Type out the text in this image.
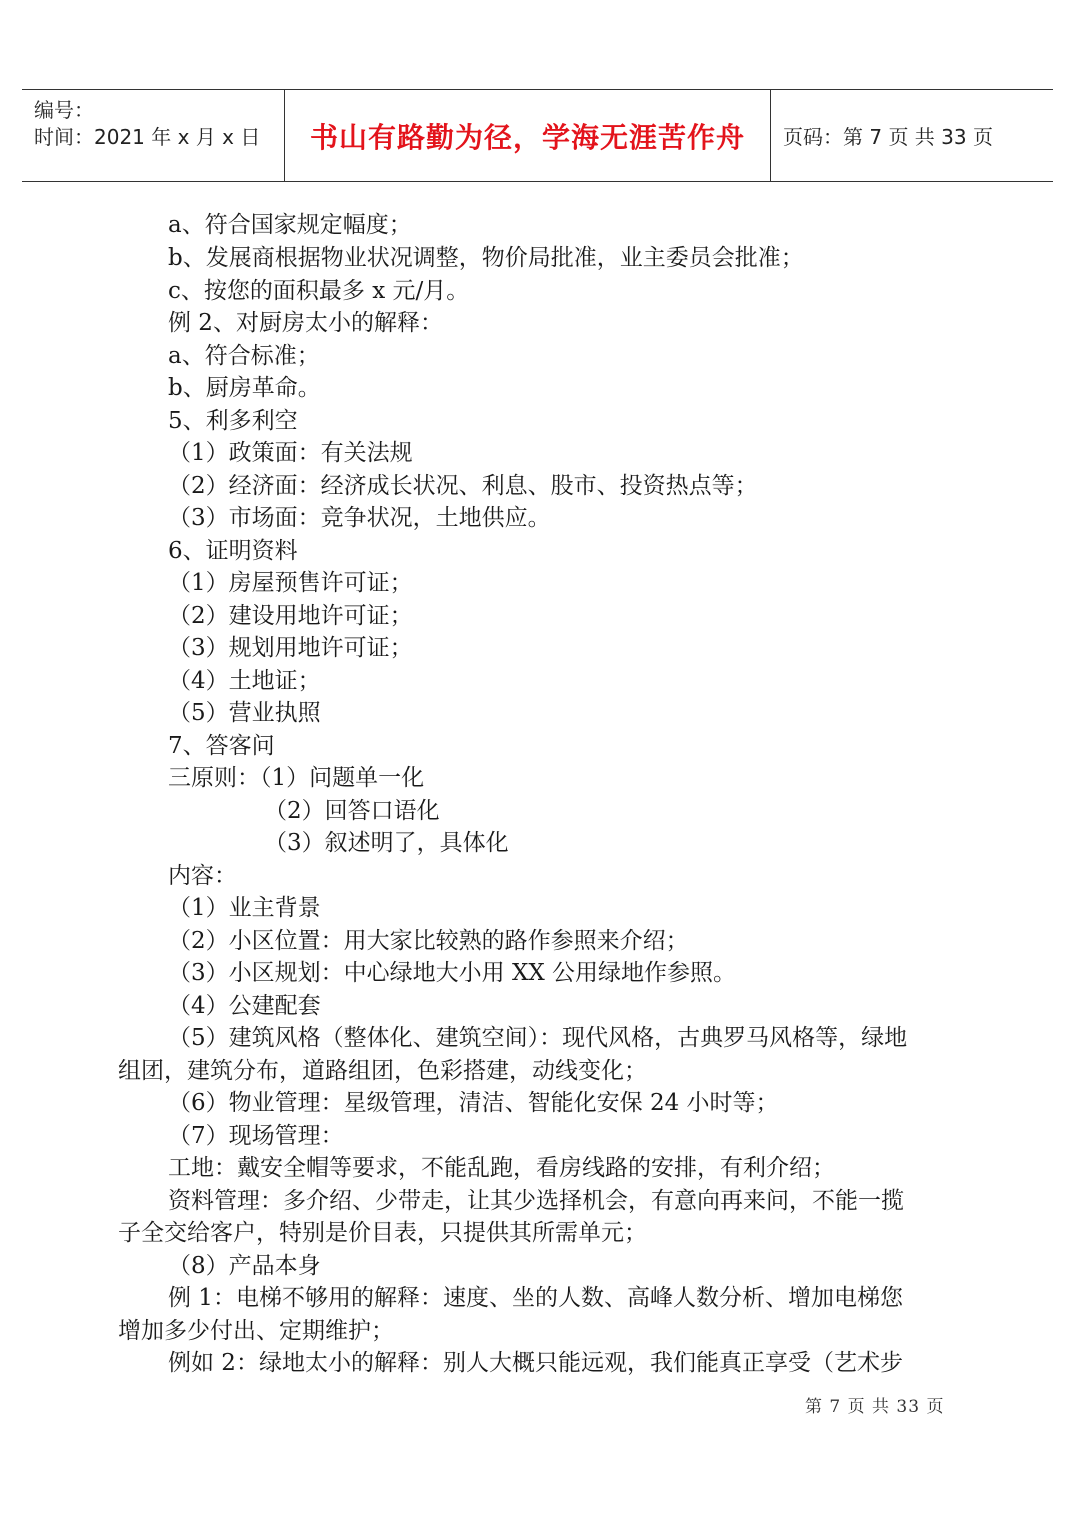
编号：
时间：2021 年 x 月 x 日 书山有路勤为径，学海无涯苦作舟 页码：第 7 页 共 33 页
a、符合国家规定幅度；
b、发展商根据物业状况调整，物价局批准，业主委员会批准；
c、按您的面积最多 x 元/月。
例 2、对厨房太小的解释：
a、符合标准；
b、厨房革命。
5、利多利空
（1）政策面：有关法规
（2）经济面：经济成长状况、利息、股市、投资热点等；
（3）市场面：竞争状况，土地供应。
6、证明资料
（1）房屋预售许可证；
（2）建设用地许可证；
（3）规划用地许可证；
（4）土地证；
（5）营业执照
7、答客问
三原则：（1）问题单一化
（2）回答口语化
（3）叙述明了，具体化
内容：
（1）业主背景
（2）小区位置：用大家比较熟的路作参照来介绍；
（3）小区规划：中心绿地大小用 XX 公用绿地作参照。
（4）公建配套
（5）建筑风格（整体化、建筑空间）：现代风格，古典罗马风格等，绿地
组团，建筑分布，道路组团，色彩搭建，动线变化；
（6）物业管理：星级管理，清洁、智能化安保 24 小时等；
（7）现场管理：
工地：戴安全帽等要求，不能乱跑，看房线路的安排，有利介绍；
资料管理：多介绍、少带走，让其少选择机会，有意向再来问，不能一揽
子全交给客户，特别是价目表，只提供其所需单元；
（8）产品本身
例 1：电梯不够用的解释：速度、坐的人数、高峰人数分析、增加电梯您
增加多少付出、定期维护；
例如 2：绿地太小的解释：别人大概只能远观，我们能真正享受（艺术步
第 7 页 共 33 页
